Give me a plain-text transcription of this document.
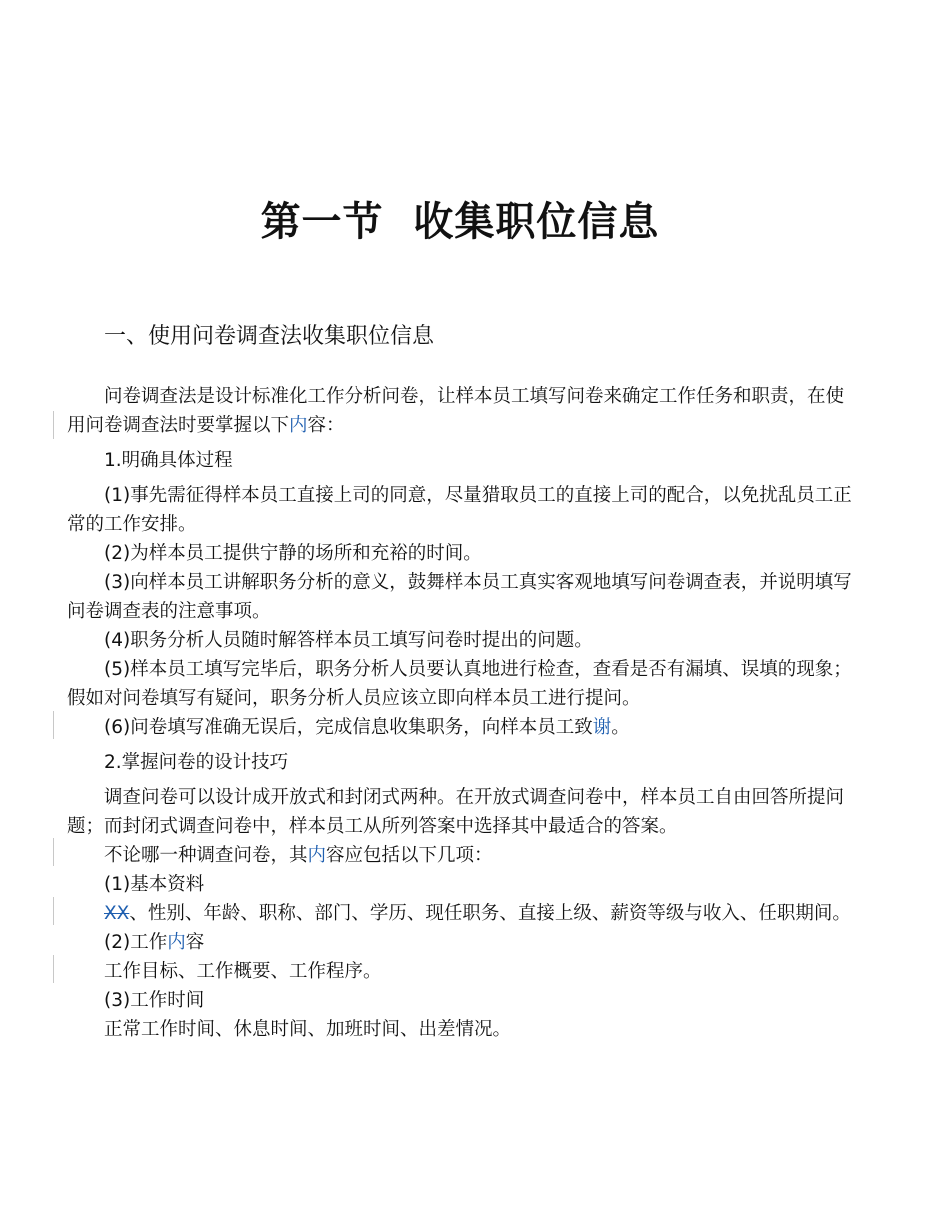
第一节  收集职位信息
一、使用问卷调查法收集职位信息

问卷调查法是设计标准化工作分析问卷，让样本员工填写问卷来确定工作任务和职责，在使用问卷调查法时要掌握以下内容：

1.明确具体过程

(1)事先需征得样本员工直接上司的同意，尽量猎取员工的直接上司的配合，以免扰乱员工正常的工作安排。

(2)为样本员工提供宁静的场所和充裕的时间。

(3)向样本员工讲解职务分析的意义，鼓舞样本员工真实客观地填写问卷调查表，并说明填写问卷调查表的注意事项。

(4)职务分析人员随时解答样本员工填写问卷时提出的问题。

(5)样本员工填写完毕后，职务分析人员要认真地进行检查，查看是否有漏填、误填的现象；假如对问卷填写有疑问，职务分析人员应该立即向样本员工进行提问。

(6)问卷填写准确无误后，完成信息收集职务，向样本员工致谢。

2.掌握问卷的设计技巧

调查问卷可以设计成开放式和封闭式两种。在开放式调查问卷中，样本员工自由回答所提问题；而封闭式调查问卷中，样本员工从所列答案中选择其中最适合的答案。

不论哪一种调查问卷，其内容应包括以下几项：

(1)基本资料

XX、性别、年龄、职称、部门、学历、现任职务、直接上级、薪资等级与收入、任职期间。

(2)工作内容

工作目标、工作概要、工作程序。

(3)工作时间

正常工作时间、休息时间、加班时间、出差情况。
